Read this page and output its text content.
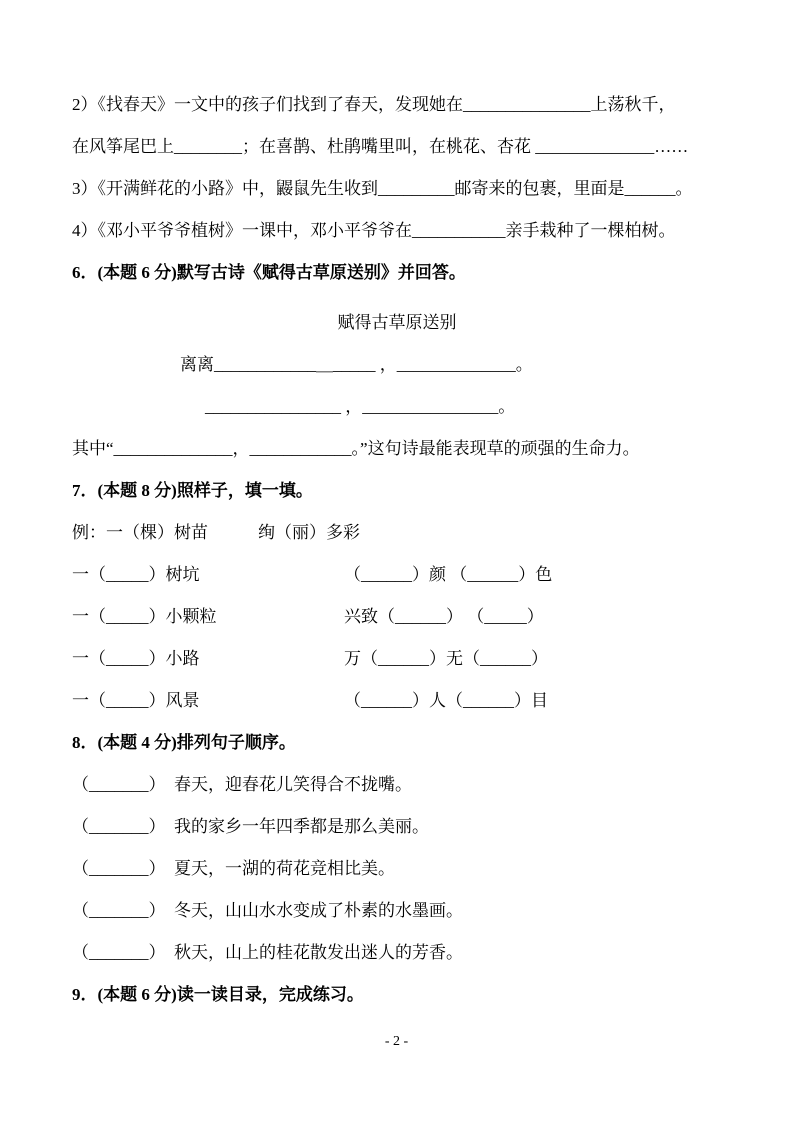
2）《找春天》一文中的孩子们找到了春天，发现她在_______________上荡秋千，

在风筝尾巴上________；在喜鹊、杜鹃嘴里叫，在桃花、杏花 ______________……

3）《开满鲜花的小路》中，鼹鼠先生收到_________邮寄来的包裹，里面是______。

4）《邓小平爷爷植树》一课中，邓小平爷爷在___________亲手栽种了一棵柏树。

6．(本题 6 分)默写古诗《赋得古草原送别》并回答。

赋得古草原送别

离离____________＿_____ ，______________。

________________ ，________________。

其中“______________，____________。”这句诗最能表现草的顽强的生命力。

7．(本题 8 分)照样子，填一填。

例：一（棵）树苗	绚（丽）多彩
一（_____）树坑	（______）颜 （______）色
一（_____）小颗粒	兴致（______） （_____）
一（_____）小路	万（______）无（______）
一（_____）风景	（______）人（______）目

8．(本题 4 分)排列句子顺序。

（_______）  春天，迎春花儿笑得合不拢嘴。

（_______）  我的家乡一年四季都是那么美丽。

（_______）  夏天，一湖的荷花竞相比美。

（_______）  冬天，山山水水变成了朴素的水墨画。

（_______）  秋天，山上的桂花散发出迷人的芳香。

9．(本题 6 分)读一读目录，完成练习。

- 2 -
